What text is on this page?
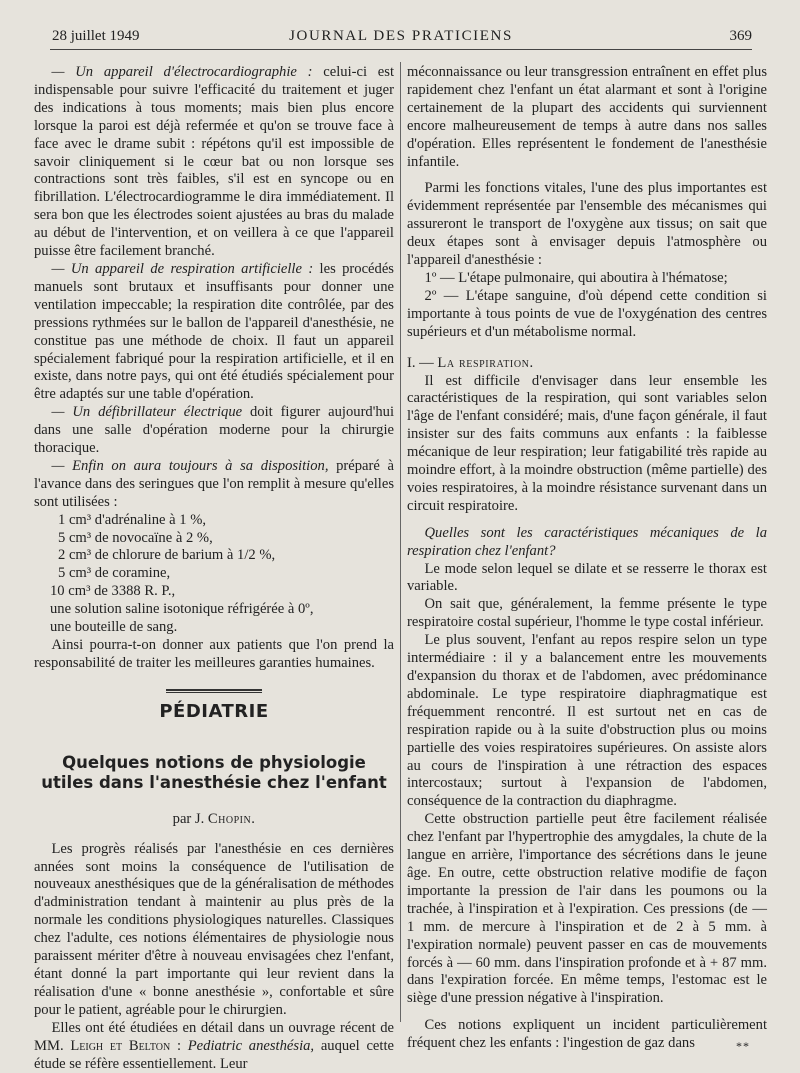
28 juillet 1949	JOURNAL DES PRATICIENS	369

— Un appareil d'électrocardiographie : celui-ci est indispensable pour suivre l'efficacité du traitement et juger des indications à tous moments; mais bien plus encore lorsque la paroi est déjà refermée et qu'on se trouve face à face avec le drame subit : répétons qu'il est impossible de savoir cliniquement si le cœur bat ou non lorsque ses contractions sont très faibles, s'il est en syncope ou en fibrillation. L'électrocardiogramme le dira immédiatement. Il sera bon que les électrodes soient ajustées au bras du malade au début de l'intervention, et on veillera à ce que l'appareil puisse être facilement branché.

— Un appareil de respiration artificielle : les procédés manuels sont brutaux et insuffisants pour donner une ventilation impeccable; la respiration dite contrôlée, par des pressions rythmées sur le ballon de l'appareil d'anesthésie, ne constitue pas une méthode de choix. Il faut un appareil spécialement fabriqué pour la respiration artificielle, et il en existe, dans notre pays, qui ont été étudiés spécialement pour être adaptés sur une table d'opération.

— Un défibrillateur électrique doit figurer aujourd'hui dans une salle d'opération moderne pour la chirurgie thoracique.

— Enfin on aura toujours à sa disposition, préparé à l'avance dans des seringues que l'on remplit à mesure qu'elles sont utilisées :

1 cm³ d'adrénaline à 1 %,

5 cm³ de novocaïne à 2 %,

2 cm³ de chlorure de barium à 1/2 %,

5 cm³ de coramine,

10 cm³ de 3388 R. P.,

une solution saline isotonique réfrigérée à 0º,

une bouteille de sang.

Ainsi pourra-t-on donner aux patients que l'on prend la responsabilité de traiter les meilleures garanties humaines.

PÉDIATRIE
Quelques notions de physiologie utiles dans l'anesthésie chez l'enfant

par J. Chopin.

Les progrès réalisés par l'anesthésie en ces dernières années sont moins la conséquence de l'utilisation de nouveaux anesthésiques que de la généralisation de méthodes d'administration tendant à maintenir au plus près de la normale les conditions physiologiques naturelles. Classiques chez l'adulte, ces notions élémentaires de physiologie nous paraissent mériter d'être à nouveau envisagées chez l'enfant, étant donné la part importante qui leur revient dans la réalisation d'une « bonne anesthésie », confortable et sûre pour le patient, agréable pour le chirurgien.

Elles ont été étudiées en détail dans un ouvrage récent de MM. Leigh et Belton : Pediatric anesthésia, auquel cette étude se réfère essentiellement. Leur

méconnaissance ou leur transgression entraînent en effet plus rapidement chez l'enfant un état alarmant et sont à l'origine certainement de la plupart des accidents qui surviennent encore malheureusement de temps à autre dans nos salles d'opération. Elles représentent le fondement de l'anesthésie infantile.

Parmi les fonctions vitales, l'une des plus importantes est évidemment représentée par l'ensemble des mécanismes qui assureront le transport de l'oxygène aux tissus; on sait que deux étapes sont à envisager depuis l'atmosphère ou l'appareil d'anesthésie :

1º — L'étape pulmonaire, qui aboutira à l'hématose;

2º — L'étape sanguine, d'où dépend cette condition si importante à tous points de vue de l'oxygénation des centres supérieurs et d'un métabolisme normal.

I. — La respiration.

Il est difficile d'envisager dans leur ensemble les caractéristiques de la respiration, qui sont variables selon l'âge de l'enfant considéré; mais, d'une façon générale, il faut insister sur des faits communs aux enfants : la faiblesse mécanique de leur respiration; leur fatigabilité très rapide au moindre effort, à la moindre obstruction (même partielle) des voies respiratoires, à la moindre résistance survenant dans un circuit respiratoire.

Quelles sont les caractéristiques mécaniques de la respiration chez l'enfant?

Le mode selon lequel se dilate et se resserre le thorax est variable.

On sait que, généralement, la femme présente le type respiratoire costal supérieur, l'homme le type costal inférieur.

Le plus souvent, l'enfant au repos respire selon un type intermédiaire : il y a balancement entre les mouvements d'expansion du thorax et de l'abdomen, avec prédominance abdominale. Le type respiratoire diaphragmatique est fréquemment rencontré. Il est surtout net en cas de respiration rapide ou à la suite d'obstruction plus ou moins partielle des voies respiratoires supérieures. On assiste alors au cours de l'inspiration à une rétraction des espaces intercostaux; surtout à l'expansion de l'abdomen, conséquence de la contraction du diaphragme.

Cette obstruction partielle peut être facilement réalisée chez l'enfant par l'hypertrophie des amygdales, la chute de la langue en arrière, l'importance des sécrétions dans le jeune âge. En outre, cette obstruction relative modifie de façon importante la pression de l'air dans les poumons ou la trachée, à l'inspiration et à l'expiration. Ces pressions (de — 1 mm. de mercure à l'inspiration et de 2 à 5 mm. à l'expiration normale) peuvent passer en cas de mouvements forcés à — 60 mm. dans l'inspiration profonde et à + 87 mm. dans l'expiration forcée. En même temps, l'estomac est le siège d'une pression négative à l'inspiration.

Ces notions expliquent un incident particulièrement fréquent chez les enfants : l'ingestion de gaz dans	**
